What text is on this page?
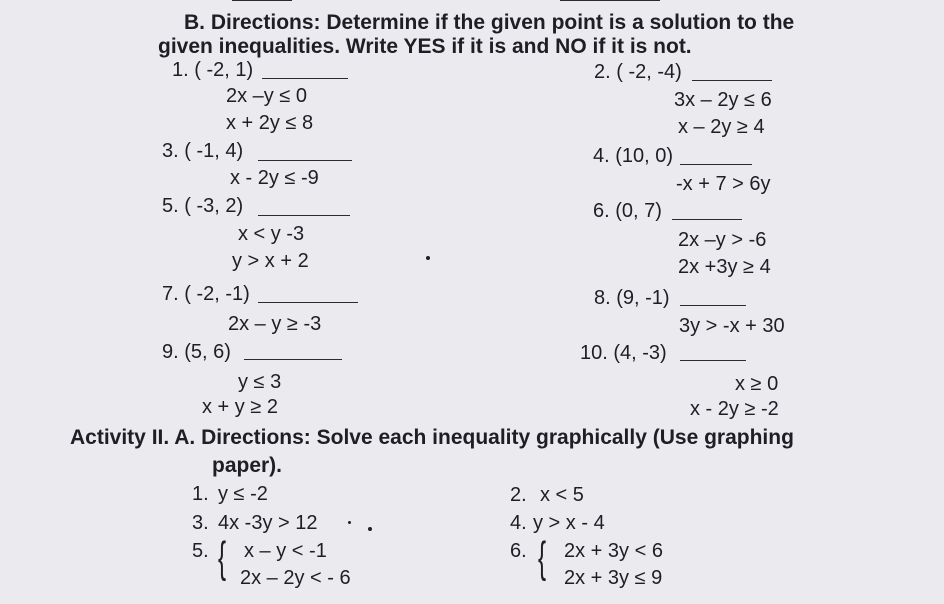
B. Directions: Determine if the given point is a solution to the
given inequalities. Write YES if it is and NO if it is not.
1. ( -2, 1)
2x –y ≤ 0
x + 2y ≤ 8
2. ( -2, -4)
3x – 2y ≤ 6
x – 2y ≥ 4
3. ( -1, 4)
x - 2y ≤ -9
4. (10, 0)
-x + 7 > 6y
5. ( -3, 2)
x < y -3
y > x + 2
6. (0, 7)
2x –y > -6
2x +3y ≥ 4
7. ( -2, -1)
2x – y ≥ -3
8. (9, -1)
3y > -x + 30
9. (5, 6)
y ≤ 3
x + y ≥ 2
10. (4, -3)
x ≥ 0
x - 2y ≥ -2
Activity II. A. Directions: Solve each inequality graphically (Use graphing
paper).
1. y ≤ -2	2. x < 5
3. 4x -3y > 12	4. y > x - 4
5. { x – y < -1
2x – 2y < - 6
6. { 2x + 3y < 6
2x + 3y ≤ 9
